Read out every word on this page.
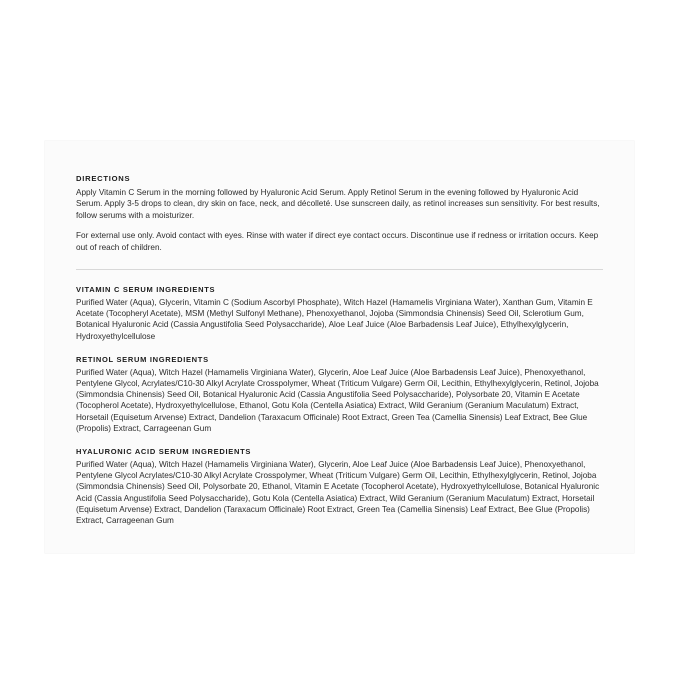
DIRECTIONS

Apply Vitamin C Serum in the morning followed by Hyaluronic Acid Serum. Apply Retinol Serum in the evening followed by Hyaluronic Acid Serum. Apply 3-5 drops to clean, dry skin on face, neck, and décolleté. Use sunscreen daily, as retinol increases sun sensitivity. For best results, follow serums with a moisturizer.

For external use only. Avoid contact with eyes. Rinse with water if direct eye contact occurs. Discontinue use if redness or irritation occurs. Keep out of reach of children.

VITAMIN C SERUM INGREDIENTS

Purified Water (Aqua), Glycerin, Vitamin C (Sodium Ascorbyl Phosphate), Witch Hazel (Hamamelis Virginiana Water), Xanthan Gum, Vitamin E Acetate (Tocopheryl Acetate), MSM (Methyl Sulfonyl Methane), Phenoxyethanol, Jojoba (Simmondsia Chinensis) Seed Oil, Sclerotium Gum, Botanical Hyaluronic Acid (Cassia Angustifolia Seed Polysaccharide), Aloe Leaf Juice (Aloe Barbadensis Leaf Juice), Ethylhexylglycerin, Hydroxyethylcellulose

RETINOL SERUM INGREDIENTS

Purified Water (Aqua), Witch Hazel (Hamamelis Virginiana Water), Glycerin, Aloe Leaf Juice (Aloe Barbadensis Leaf Juice), Phenoxyethanol, Pentylene Glycol, Acrylates/C10-30 Alkyl Acrylate Crosspolymer, Wheat (Triticum Vulgare) Germ Oil, Lecithin, Ethylhexylglycerin, Retinol, Jojoba (Simmondsia Chinensis) Seed Oil, Botanical Hyaluronic Acid (Cassia Angustifolia Seed Polysaccharide), Polysorbate 20, Vitamin E Acetate (Tocopherol Acetate), Hydroxyethylcellulose, Ethanol, Gotu Kola (Centella Asiatica) Extract, Wild Geranium (Geranium Maculatum) Extract, Horsetail (Equisetum Arvense) Extract, Dandelion (Taraxacum Officinale) Root Extract, Green Tea (Camellia Sinensis) Leaf Extract, Bee Glue (Propolis) Extract, Carrageenan Gum

HYALURONIC ACID SERUM INGREDIENTS

Purified Water (Aqua), Witch Hazel (Hamamelis Virginiana Water), Glycerin, Aloe Leaf Juice (Aloe Barbadensis Leaf Juice), Phenoxyethanol, Pentylene Glycol Acrylates/C10-30 Alkyl Acrylate Crosspolymer, Wheat (Triticum Vulgare) Germ Oil, Lecithin, Ethylhexylglycerin, Retinol, Jojoba (Simmondsia Chinensis) Seed Oil, Polysorbate 20, Ethanol, Vitamin E Acetate (Tocopherol Acetate), Hydroxyethylcellulose, Botanical Hyaluronic Acid (Cassia Angustifolia Seed Polysaccharide), Gotu Kola (Centella Asiatica) Extract, Wild Geranium (Geranium Maculatum) Extract, Horsetail (Equisetum Arvense) Extract, Dandelion (Taraxacum Officinale) Root Extract, Green Tea (Camellia Sinensis) Leaf Extract, Bee Glue (Propolis) Extract, Carrageenan Gum
